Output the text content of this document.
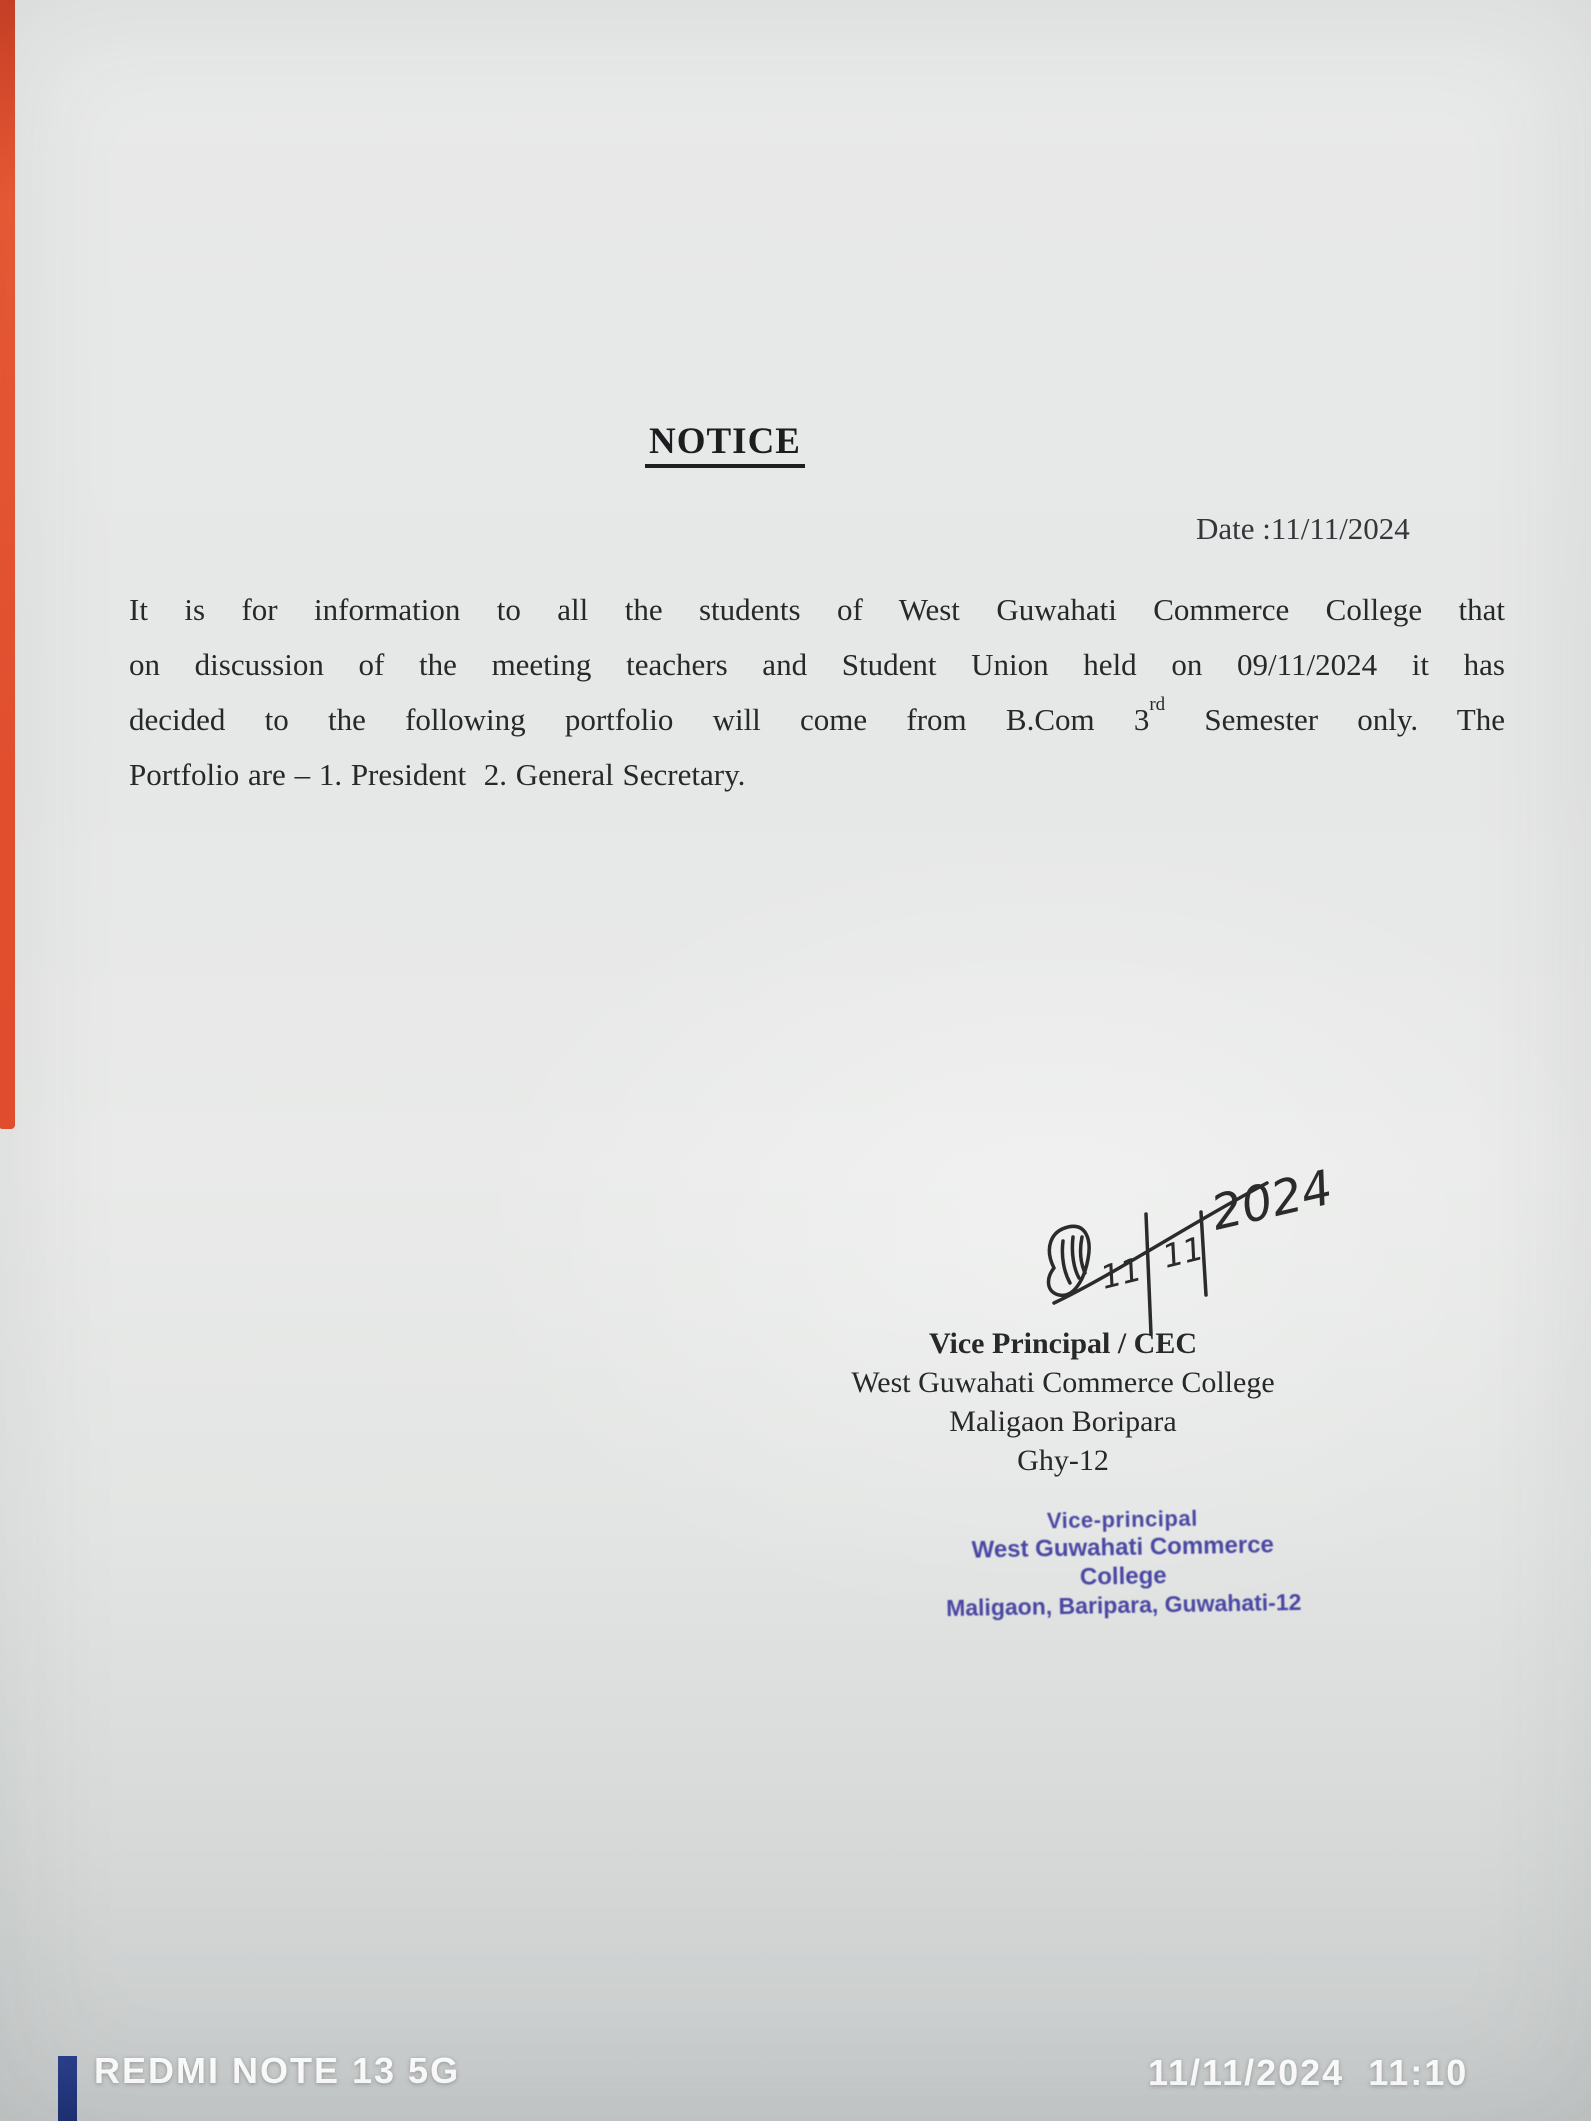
NOTICE
Date :11/11/2024
It is for information to all the students of West Guwahati Commerce College that
on discussion of the meeting teachers and Student Union held on 09/11/2024 it has
decided to the following portfolio will come from B.Com 3rd Semester only. The
Portfolio are – 1. President  2. General Secretary.
11 11
2024
Vice Principal / CEC
West Guwahati Commerce College
Maligaon Boripara
Ghy-12
Vice-principal
West Guwahati Commerce College
Maligaon, Baripara, Guwahati-12
REDMI NOTE 13 5G	11/11/2024  11:10
